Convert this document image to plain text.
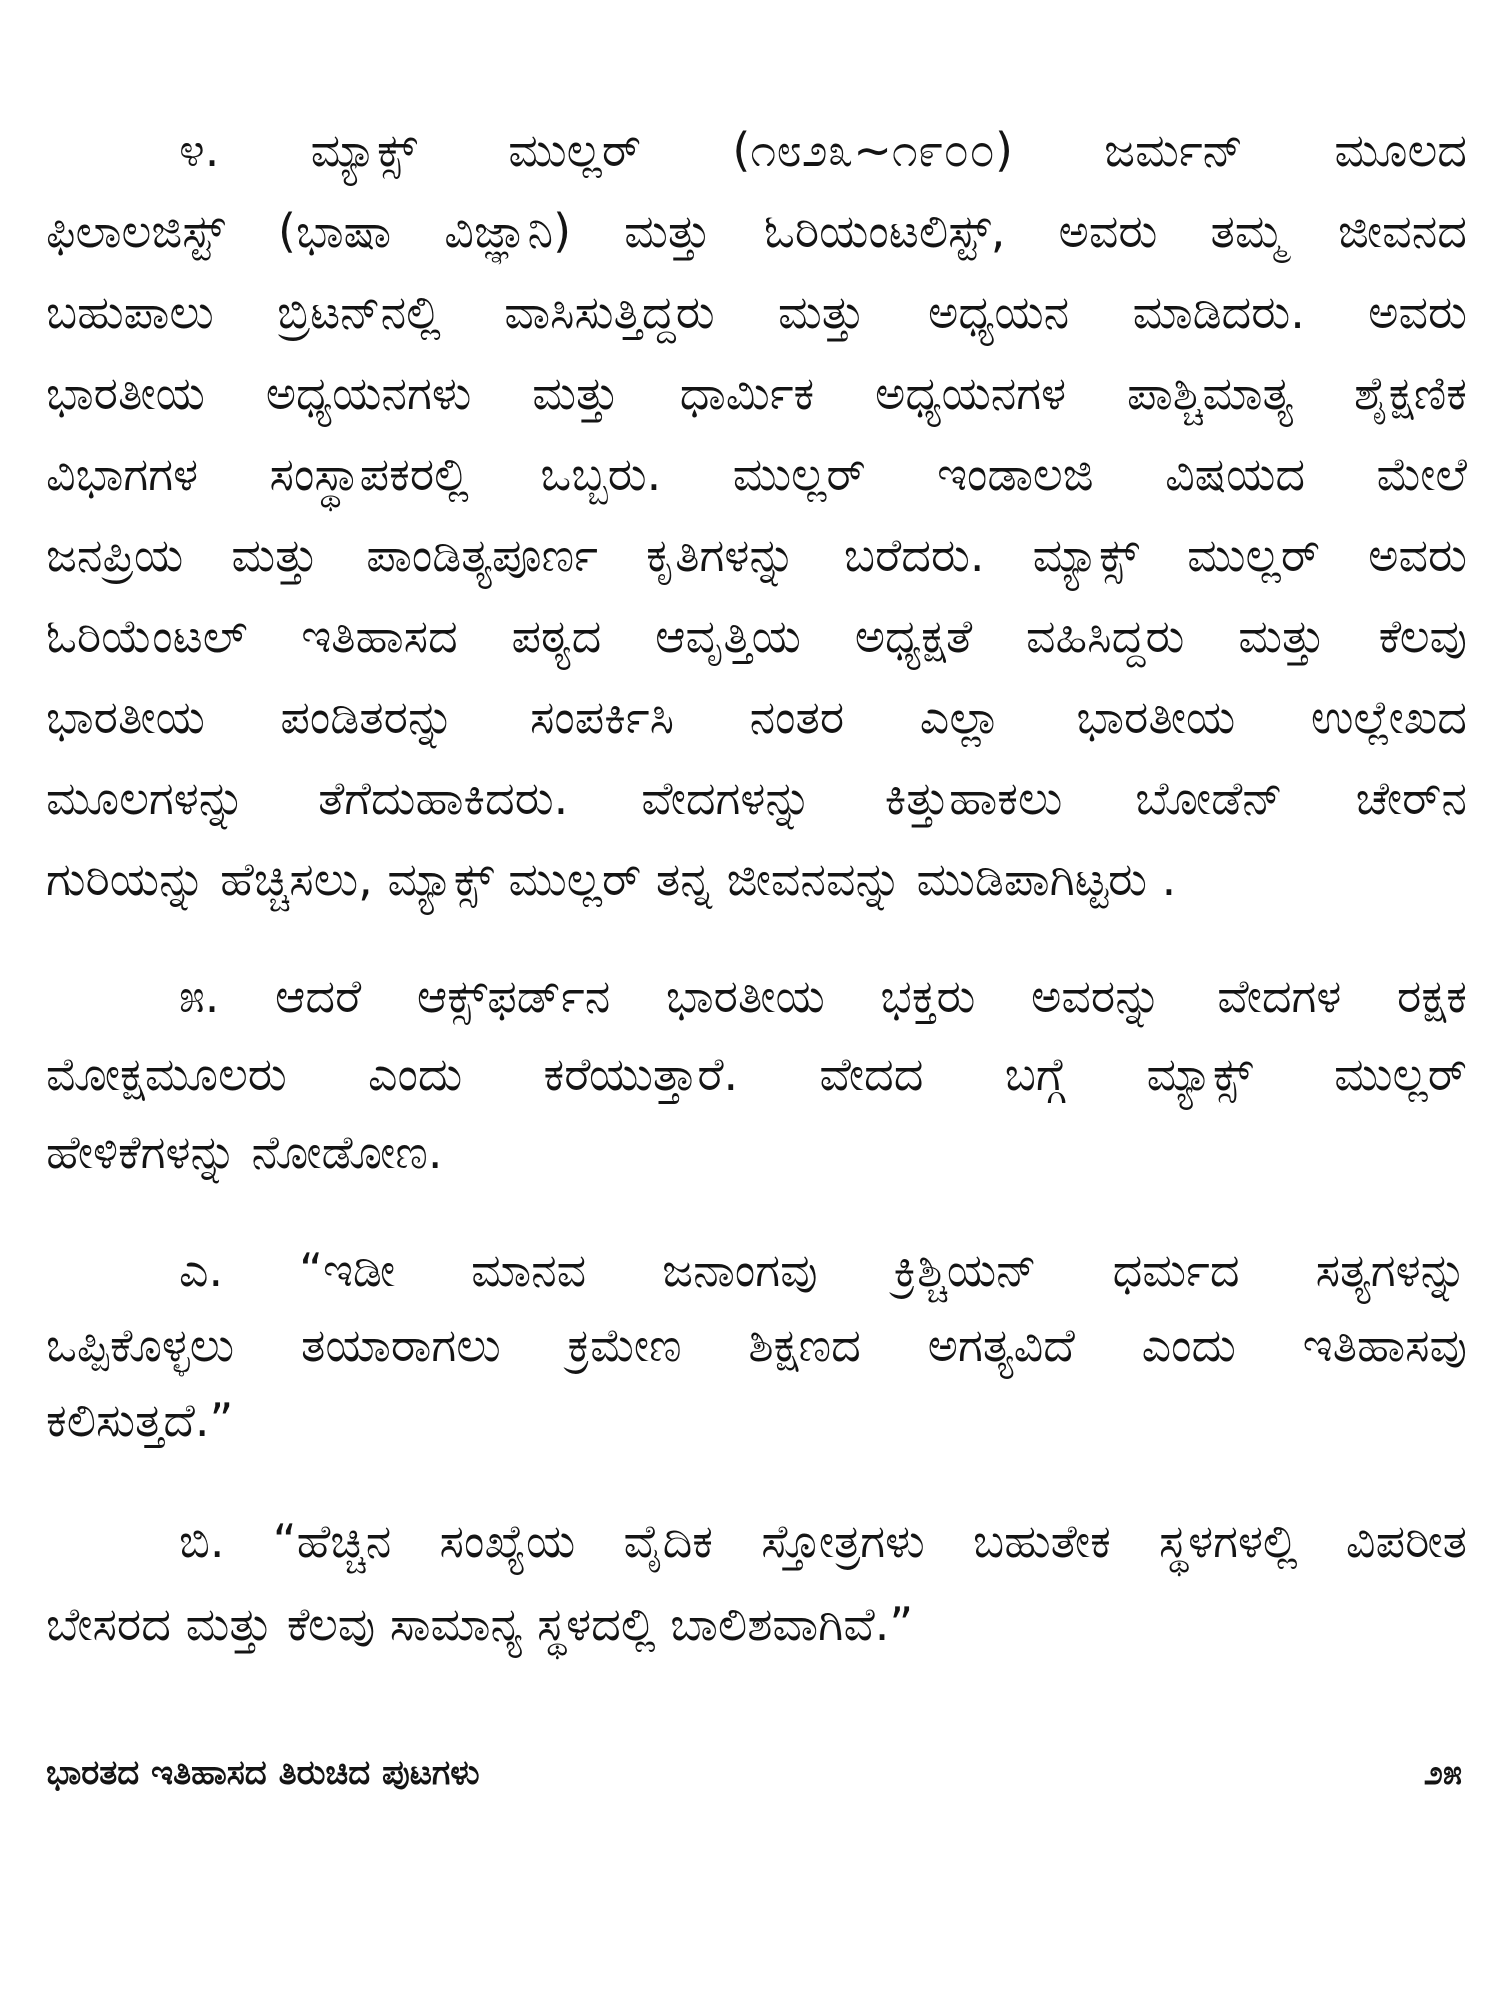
೪. ಮ್ಯಾಕ್ಸ್ ಮುಲ್ಲರ್ (೧೮೨೩~೧೯೦೦) ಜರ್ಮನ್ ಮೂಲದ
ಫಿಲಾಲಜಿಸ್ಟ್ (ಭಾಷಾ ವಿಜ್ಞಾನಿ) ಮತ್ತು ಓರಿಯಂಟಲಿಸ್ಟ್, ಅವರು ತಮ್ಮ ಜೀವನದ
ಬಹುಪಾಲು ಬ್ರಿಟನ್‌ನಲ್ಲಿ ವಾಸಿಸುತ್ತಿದ್ದರು ಮತ್ತು ಅಧ್ಯಯನ ಮಾಡಿದರು. ಅವರು
ಭಾರತೀಯ ಅಧ್ಯಯನಗಳು ಮತ್ತು ಧಾರ್ಮಿಕ ಅಧ್ಯಯನಗಳ ಪಾಶ್ಚಿಮಾತ್ಯ ಶೈಕ್ಷಣಿಕ
ವಿಭಾಗಗಳ ಸಂಸ್ಥಾಪಕರಲ್ಲಿ ಒಬ್ಬರು. ಮುಲ್ಲರ್ ಇಂಡಾಲಜಿ ವಿಷಯದ ಮೇಲೆ
ಜನಪ್ರಿಯ ಮತ್ತು ಪಾಂಡಿತ್ಯಪೂರ್ಣ ಕೃತಿಗಳನ್ನು ಬರೆದರು. ಮ್ಯಾಕ್ಸ್ ಮುಲ್ಲರ್ ಅವರು
ಓರಿಯೆಂಟಲ್ ಇತಿಹಾಸದ ಪಠ್ಯದ ಆವೃತ್ತಿಯ ಅಧ್ಯಕ್ಷತೆ ವಹಿಸಿದ್ದರು ಮತ್ತು ಕೆಲವು
ಭಾರತೀಯ ಪಂಡಿತರನ್ನು ಸಂಪರ್ಕಿಸಿ ನಂತರ ಎಲ್ಲಾ ಭಾರತೀಯ ಉಲ್ಲೇಖದ
ಮೂಲಗಳನ್ನು ತೆಗೆದುಹಾಕಿದರು. ವೇದಗಳನ್ನು ಕಿತ್ತುಹಾಕಲು ಬೋಡೆನ್ ಚೇರ್‌ನ
ಗುರಿಯನ್ನು ಹೆಚ್ಚಿಸಲು, ಮ್ಯಾಕ್ಸ್ ಮುಲ್ಲರ್ ತನ್ನ ಜೀವನವನ್ನು ಮುಡಿಪಾಗಿಟ್ಟರು .
೫. ಆದರೆ ಆಕ್ಸ್‌ಫರ್ಡ್‌ನ ಭಾರತೀಯ ಭಕ್ತರು ಅವರನ್ನು ವೇದಗಳ ರಕ್ಷಕ
ಮೋಕ್ಷಮೂಲರು ಎಂದು ಕರೆಯುತ್ತಾರೆ. ವೇದದ ಬಗ್ಗೆ ಮ್ಯಾಕ್ಸ್ ಮುಲ್ಲರ್
ಹೇಳಿಕೆಗಳನ್ನು ನೋಡೋಣ.
ಎ. “ಇಡೀ ಮಾನವ ಜನಾಂಗವು ಕ್ರಿಶ್ಚಿಯನ್ ಧರ್ಮದ ಸತ್ಯಗಳನ್ನು
ಒಪ್ಪಿಕೊಳ್ಳಲು ತಯಾರಾಗಲು ಕ್ರಮೇಣ ಶಿಕ್ಷಣದ ಅಗತ್ಯವಿದೆ ಎಂದು ಇತಿಹಾಸವು
ಕಲಿಸುತ್ತದೆ.”
ಬಿ. “ಹೆಚ್ಚಿನ ಸಂಖ್ಯೆಯ ವೈದಿಕ ಸ್ತೋತ್ರಗಳು ಬಹುತೇಕ ಸ್ಥಳಗಳಲ್ಲಿ ವಿಪರೀತ
ಬೇಸರದ ಮತ್ತು ಕೆಲವು ಸಾಮಾನ್ಯ ಸ್ಥಳದಲ್ಲಿ ಬಾಲಿಶವಾಗಿವೆ.”
ಭಾರತದ ಇತಿಹಾಸದ ತಿರುಚಿದ ಪುಟಗಳು	೨೫
